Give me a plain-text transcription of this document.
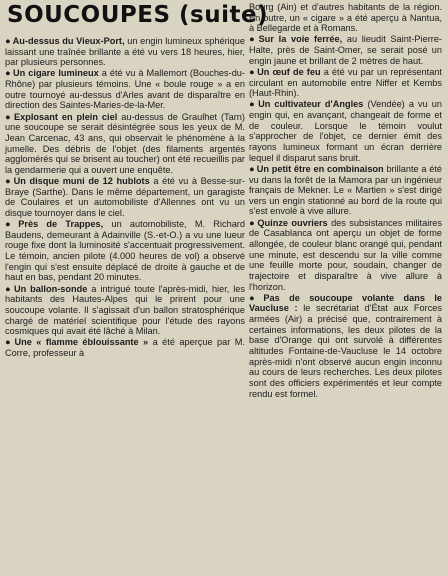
SOUCOUPES (suite)

● Au-dessus du Vieux-Port, un engin lumineux sphérique laissant une traînée brillante a été vu vers 18 heures, hier, par plusieurs personnes.

● Un cigare lumineux a été vu à Mallemort (Bouches-du-Rhône) par plusieurs témoins. Une « boule rouge » a en outre tournoyé au-dessus d'Arles avant de disparaître en direction des Saintes-Maries-de-la-Mer.

● Explosant en plein ciel au-dessus de Graulhet (Tarn) une soucoupe se serait désintégrée sous les yeux de M. Jean Carcenac, 43 ans, qui observait le phénomène à la jumelle. Des débris de l'objet (des filaments argentés agglomérés qui se brisent au toucher) ont été recueillis par la gendarmerie qui a ouvert une enquête.

● Un disque muni de 12 hublots a été vu à Besse-sur-Braye (Sarthe). Dans le même département, un garagiste de Coulaires et un automobiliste d'Allennes ont vu un disque tournoyer dans le ciel.

● Près de Trappes, un automobiliste, M. Richard Baudens, demeurant à Adainville (S.-et-O.) a vu une lueur rouge fixe dont la luminosité s'accentuait progressivement. Le témoin, ancien pilote (4.000 heures de vol) a observé l'engin qui s'est ensuite déplacé de droite à gauche et de haut en bas, pendant 20 minutes.

● Un ballon-sonde a intrigué toute l'après-midi, hier, les habitants des Hautes-Alpes qui le prirent pour une soucoupe volante. Il s'agissait d'un ballon stratosphérique chargé de matériel scientifique pour l'étude des rayons cosmiques qui avait été lâché à Milan.

● Une « flamme éblouissante » a été aperçue par M. Corre, professeur à

Bourg (Ain) et d'autres habitants de la région. En outre, un « cigare » a été aperçu à Nantua, à Bellegarde et à Romans.

● Sur la voie ferrée, au lieudit Saint-Pierre-Halte, près de Saint-Omer, se serait posé un engin jaune et brillant de 2 mètres de haut.

● Un œuf de feu a été vu par un représentant circulant en automobile entre Niffer et Kembs (Haut-Rhin).

● Un cultivateur d'Angles (Vendée) a vu un engin qui, en avançant, changeait de forme et de couleur. Lorsque le témoin voulut s'approcher de l'objet, ce dernier émit des rayons lumineux formant un écran derrière lequel il disparut sans bruit.

● Un petit être en combinaison brillante a été vu dans la forêt de la Mamora par un ingénieur français de Mekner. Le « Martien » s'est dirigé vers un engin stationné au bord de la route qui s'est envolé à vive allure.

● Quinze ouvriers des subsistances militaires de Casablanca ont aperçu un objet de forme allongée, de couleur blanc orangé qui, pendant une minute, est descendu sur la ville comme une feuille morte pour, soudain, changer de trajectoire et disparaître à vive allure à l'horizon.

● Pas de soucoupe volante dans le Vaucluse : le secrétariat d'État aux Forces armées (Air) a précisé que, contrairement à certaines informations, les deux pilotes de la base d'Orange qui ont survolé à différentes altitudes Fontaine-de-Vaucluse le 14 octobre après-midi n'ont observé aucun engin inconnu au cours de leurs recherches. Les deux pilotes sont des officiers expérimentés et leur compte rendu est formel.
